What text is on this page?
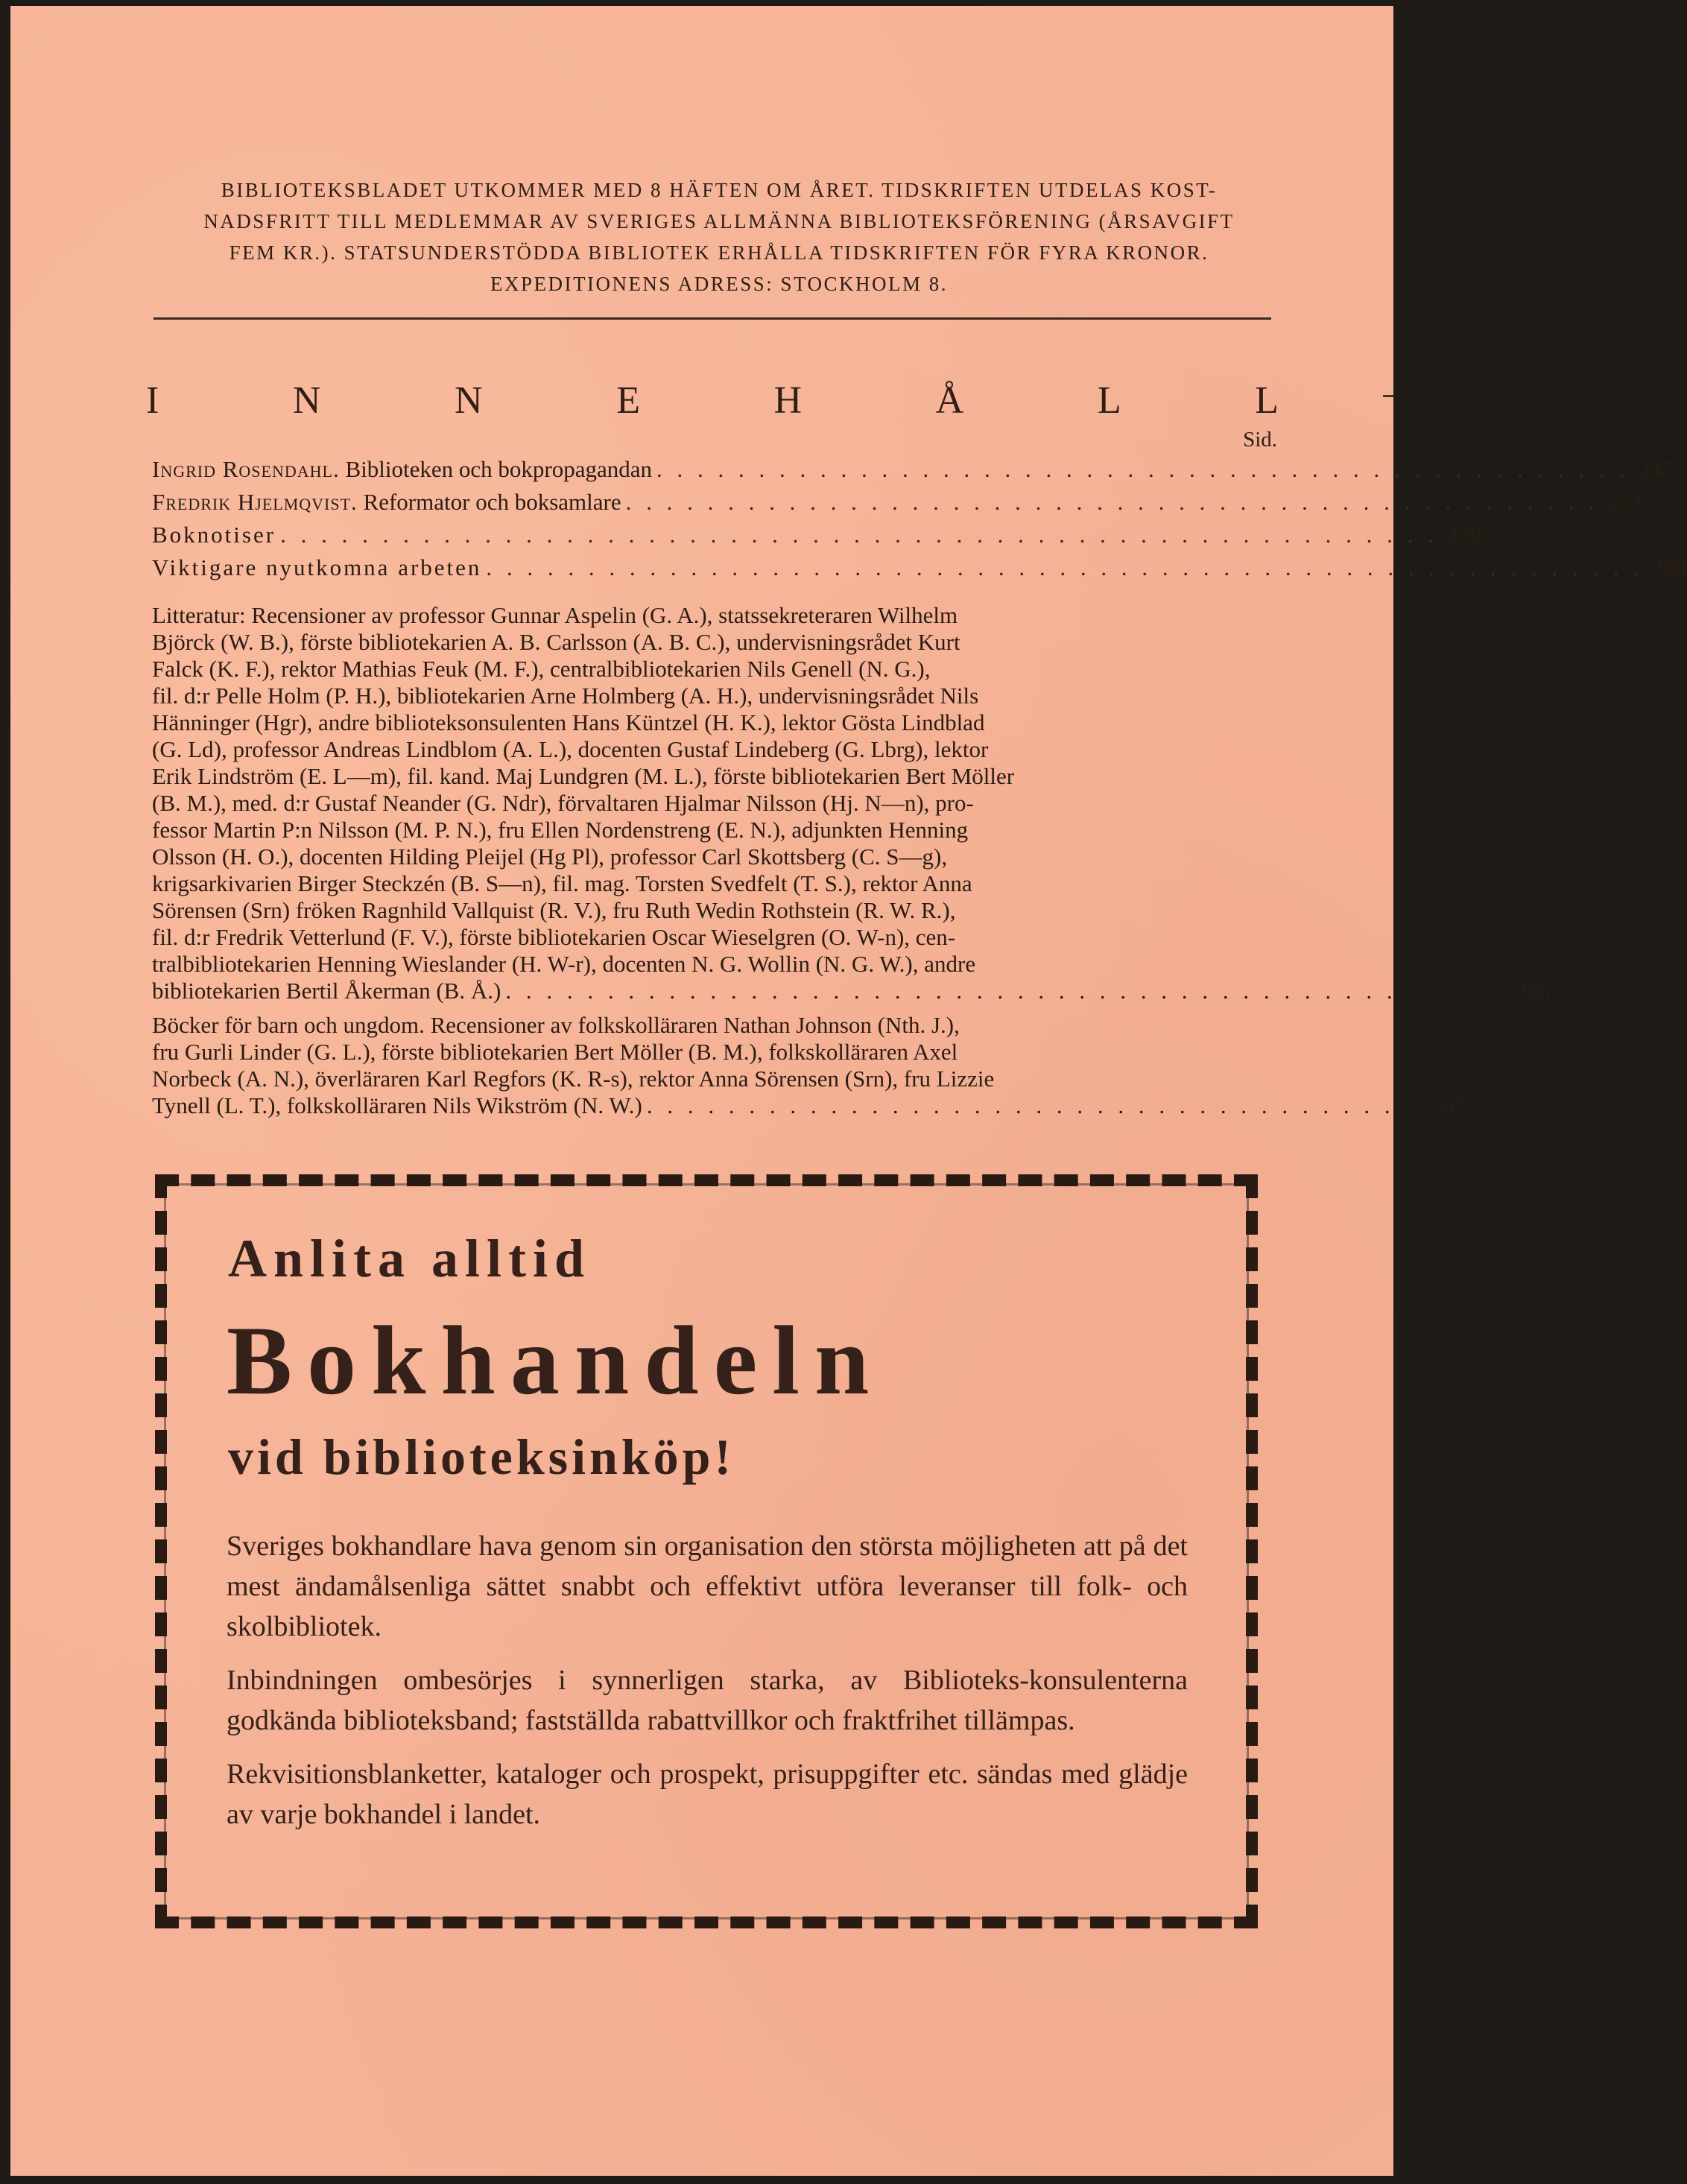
BIBLIOTEKSBLADET UTKOMMER MED 8 HÄFTEN OM ÅRET. TIDSKRIFTEN UTDELAS KOST-
NADSFRITT TILL MEDLEMMAR AV SVERIGES ALLMÄNNA BIBLIOTEKSFÖRENING (ÅRSAVGIFT
FEM KR.). STATSUNDERSTÖDDA BIBLIOTEK ERHÅLLA TIDSKRIFTEN FÖR FYRA KRONOR.
EXPEDITIONENS ADRESS: STOCKHOLM 8.
I	N	N	E	H	Å	L	L
Sid.
Ingrid Rosendahl. Biblioteken och bokpropagandan . . . . . . . . . . . . . . . . . . . . . . . . . . . . . . . . . . . . . . . . . . . . . . . . 245
Fredrik Hjelmqvist. Reformator och boksamlare . . . . . . . . . . . . . . . . . . . . . . . . . . . . . . . . . . . . . . . . . . . . . . . . 253
Boknotiser . . . . . . . . . . . . . . . . . . . . . . . . . . . . . . . . . . . . . . . . . . . . . . . . . . . . . . . . . 259
Viktigare nyutkomna arbeten . . . . . . . . . . . . . . . . . . . . . . . . . . . . . . . . . . . . . . . . . . . . . . . . . . . . . . . . . 260

Litteratur: Recensioner av professor Gunnar Aspelin (G. A.), statssekreteraren Wilhelm

Björck (W. B.), förste bibliotekarien A. B. Carlsson (A. B. C.), undervisningsrådet Kurt

Falck (K. F.), rektor Mathias Feuk (M. F.), centralbibliotekarien Nils Genell (N. G.),

fil. d:r Pelle Holm (P. H.), bibliotekarien Arne Holmberg (A. H.), undervisningsrådet Nils

Hänninger (Hgr), andre biblioteksonsulenten Hans Küntzel (H. K.), lektor Gösta Lindblad

(G. Ld), professor Andreas Lindblom (A. L.), docenten Gustaf Lindeberg (G. Lbrg), lektor

Erik Lindström (E. L—m), fil. kand. Maj Lundgren (M. L.), förste bibliotekarien Bert Möller

(B. M.), med. d:r Gustaf Neander (G. Ndr), förvaltaren Hjalmar Nilsson (Hj. N—n), pro-

fessor Martin P:n Nilsson (M. P. N.), fru Ellen Nordenstreng (E. N.), adjunkten Henning

Olsson (H. O.), docenten Hilding Pleijel (Hg Pl), professor Carl Skottsberg (C. S—g),

krigsarkivarien Birger Steckzén (B. S—n), fil. mag. Torsten Svedfelt (T. S.), rektor Anna

Sörensen (Srn) fröken Ragnhild Vallquist (R. V.), fru Ruth Wedin Rothstein (R. W. R.),

fil. d:r Fredrik Vetterlund (F. V.), förste bibliotekarien Oscar Wieselgren (O. W-n), cen-

tralbibliotekarien Henning Wieslander (H. W-r), docenten N. G. Wollin (N. G. W.), andre

bibliotekarien Bertil Åkerman (B. Å.) . . . . . . . . . . . . . . . . . . . . . . . . . . . . . . . . . . . . . . . . . . . . . . . . . 266

Böcker för barn och ungdom. Recensioner av folkskolläraren Nathan Johnson (Nth. J.),

fru Gurli Linder (G. L.), förste bibliotekarien Bert Möller (B. M.), folkskolläraren Axel

Norbeck (A. N.), överläraren Karl Regfors (K. R-s), rektor Anna Sörensen (Srn), fru Lizzie

Tynell (L. T.), folkskolläraren Nils Wikström (N. W.) . . . . . . . . . . . . . . . . . . . . . . . . . . . . . . . . . . . . . . 282
Anlita alltid
Bokhandeln
vid biblioteksinköp!

Sveriges bokhandlare hava genom sin organisation den största möjligheten att på det mest ändamålsenliga sättet snabbt och effektivt utföra leveranser till folk- och skolbibliotek.

Inbindningen ombesörjes i synnerligen starka, av Biblioteks-konsulenterna godkända biblioteksband; fastställda rabattvillkor och fraktfrihet tillämpas.

Rekvisitionsblanketter, kataloger och prospekt, prisuppgifter etc. sändas med glädje av varje bokhandel i landet.
